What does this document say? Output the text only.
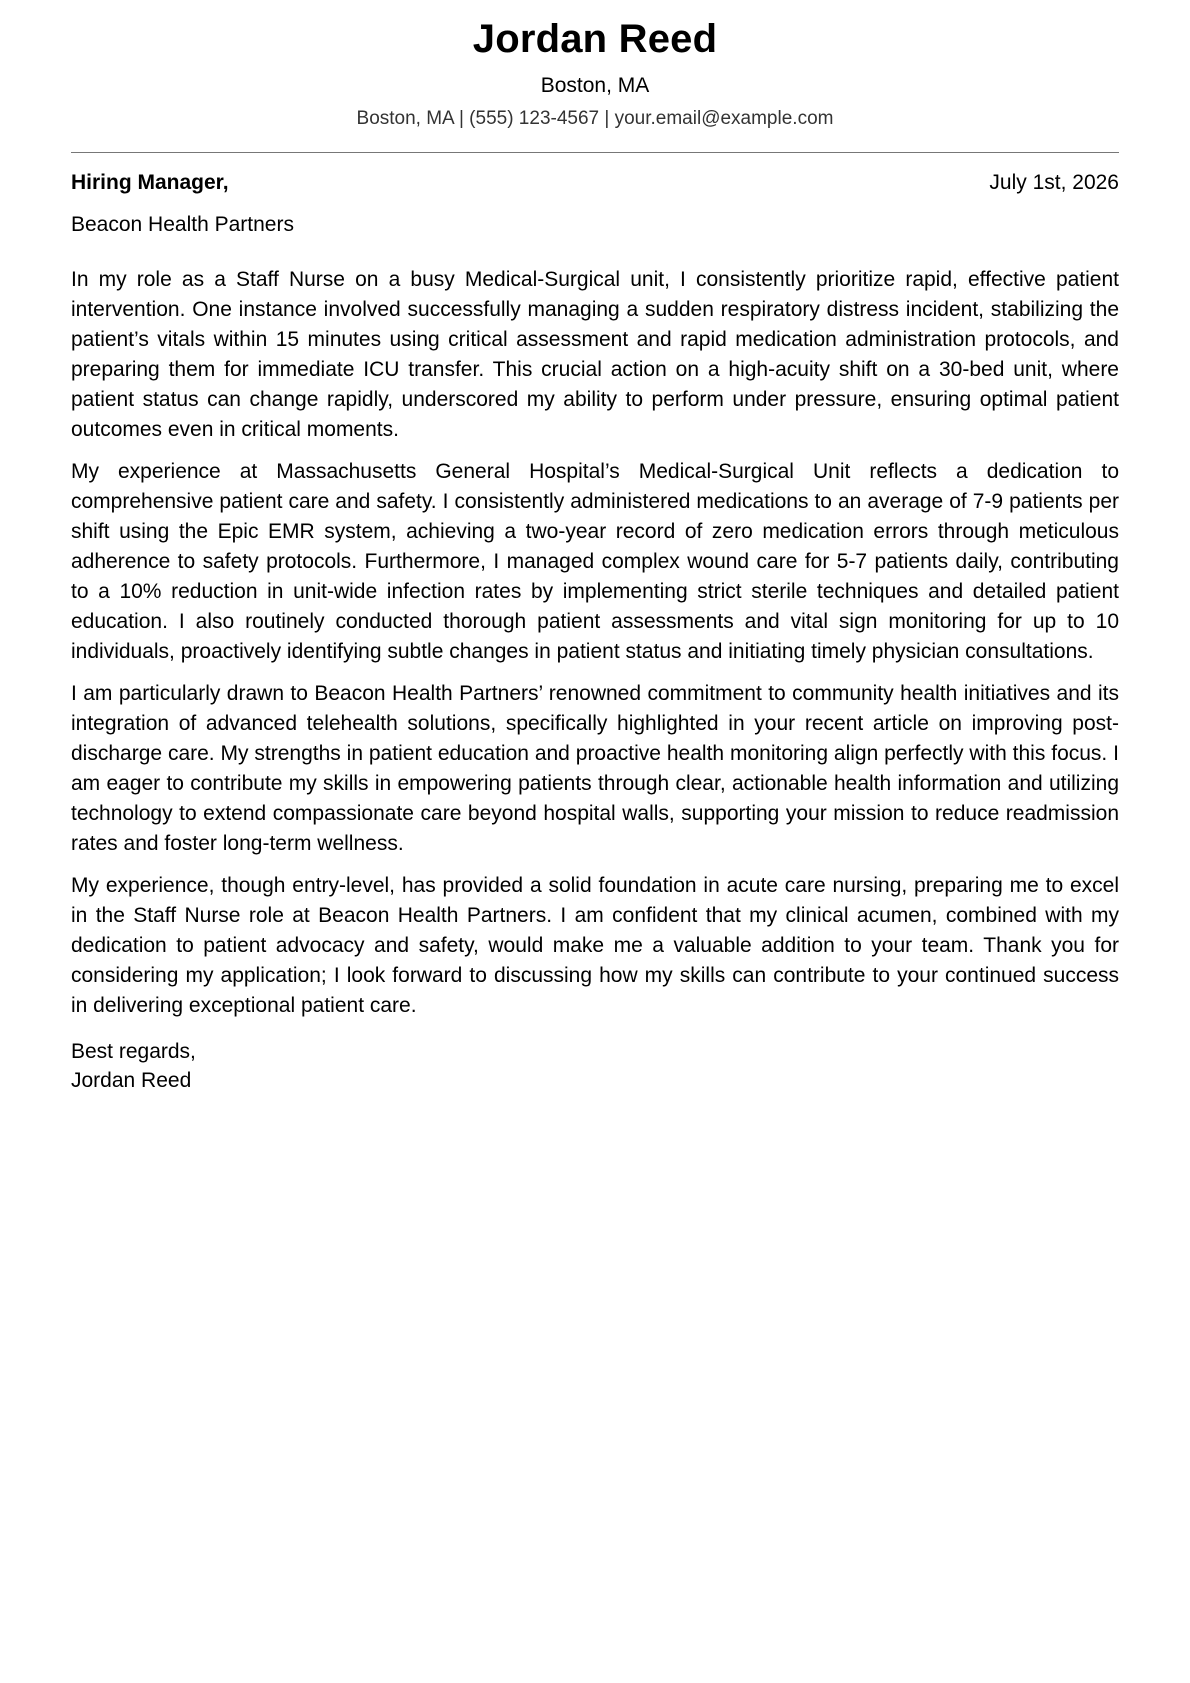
Jordan Reed
Boston, MA
Boston, MA | (555) 123-4567 | your.email@example.com
Hiring Manager,	July 1st, 2026
Beacon Health Partners

In my role as a Staff Nurse on a busy Medical-Surgical unit, I consistently prioritize rapid, effective patient intervention. One instance involved successfully managing a sudden respiratory distress incident, stabilizing the patient’s vitals within 15 minutes using critical assessment and rapid medication administration protocols, and preparing them for immediate ICU transfer. This crucial action on a high-acuity shift on a 30-bed unit, where patient status can change rapidly, underscored my ability to perform under pressure, ensuring optimal patient outcomes even in critical moments.

My experience at Massachusetts General Hospital’s Medical-Surgical Unit reflects a dedication to comprehensive patient care and safety. I consistently administered medications to an average of 7-9 patients per shift using the Epic EMR system, achieving a two-year record of zero medication errors through meticulous adherence to safety protocols. Furthermore, I managed complex wound care for 5-7 patients daily, contributing to a 10% reduction in unit-wide infection rates by implementing strict sterile techniques and detailed patient education. I also routinely conducted thorough patient assessments and vital sign monitoring for up to 10 individuals, proactively identifying subtle changes in patient status and initiating timely physician consultations.

I am particularly drawn to Beacon Health Partners’ renowned commitment to community health initiatives and its integration of advanced telehealth solutions, specifically highlighted in your recent article on improving post-discharge care. My strengths in patient education and proactive health monitoring align perfectly with this focus. I am eager to contribute my skills in empowering patients through clear, actionable health information and utilizing technology to extend compassionate care beyond hospital walls, supporting your mission to reduce readmission rates and foster long-term wellness.

My experience, though entry-level, has provided a solid foundation in acute care nursing, preparing me to excel in the Staff Nurse role at Beacon Health Partners. I am confident that my clinical acumen, combined with my dedication to patient advocacy and safety, would make me a valuable addition to your team. Thank you for considering my application; I look forward to discussing how my skills can contribute to your continued success in delivering exceptional patient care.

Best regards,
Jordan Reed
